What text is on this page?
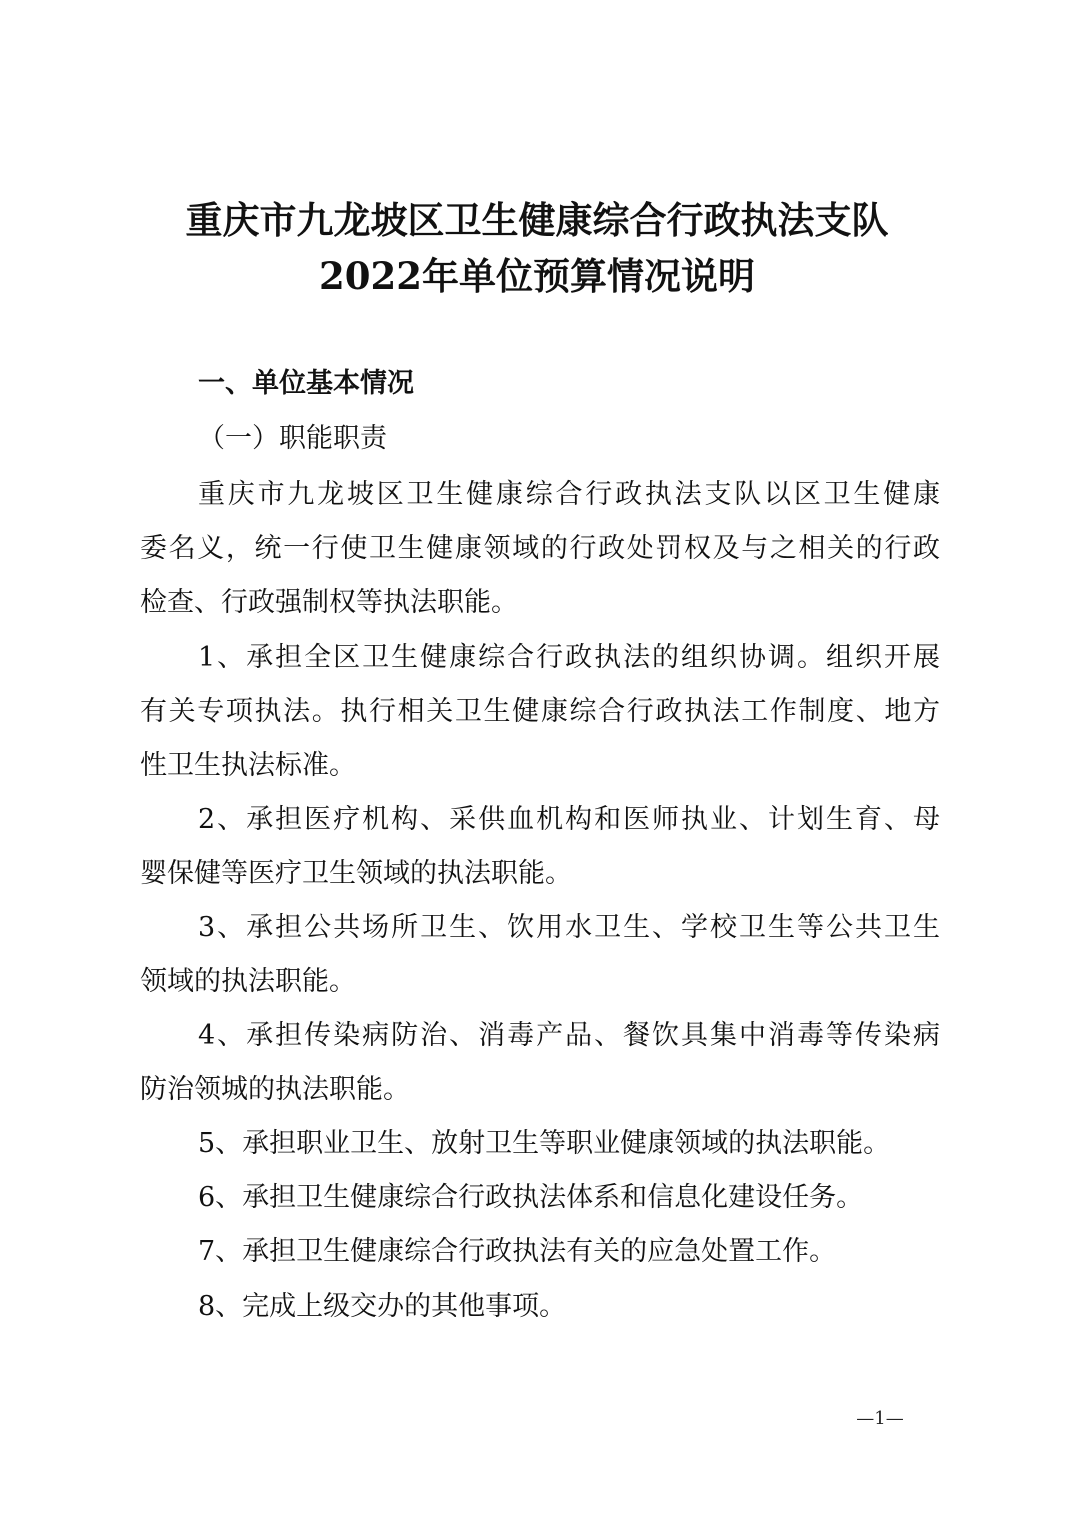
重庆市九龙坡区卫生健康综合行政执法支队
2022年单位预算情况说明
一、单位基本情况
（一）职能职责
重庆市九龙坡区卫生健康综合行政执法支队以区卫生健康
委名义，统一行使卫生健康领域的行政处罚权及与之相关的行政
检查、行政强制权等执法职能。
1、承担全区卫生健康综合行政执法的组织协调。组织开展
有关专项执法。执行相关卫生健康综合行政执法工作制度、地方
性卫生执法标准。
2、承担医疗机构、采供血机构和医师执业、计划生育、母
婴保健等医疗卫生领域的执法职能。
3、承担公共场所卫生、饮用水卫生、学校卫生等公共卫生
领域的执法职能。
4、承担传染病防治、消毒产品、餐饮具集中消毒等传染病
防治领城的执法职能。
5、承担职业卫生、放射卫生等职业健康领域的执法职能。
6、承担卫生健康综合行政执法体系和信息化建设任务。
7、承担卫生健康综合行政执法有关的应急处置工作。
8、完成上级交办的其他事项。
—1—
